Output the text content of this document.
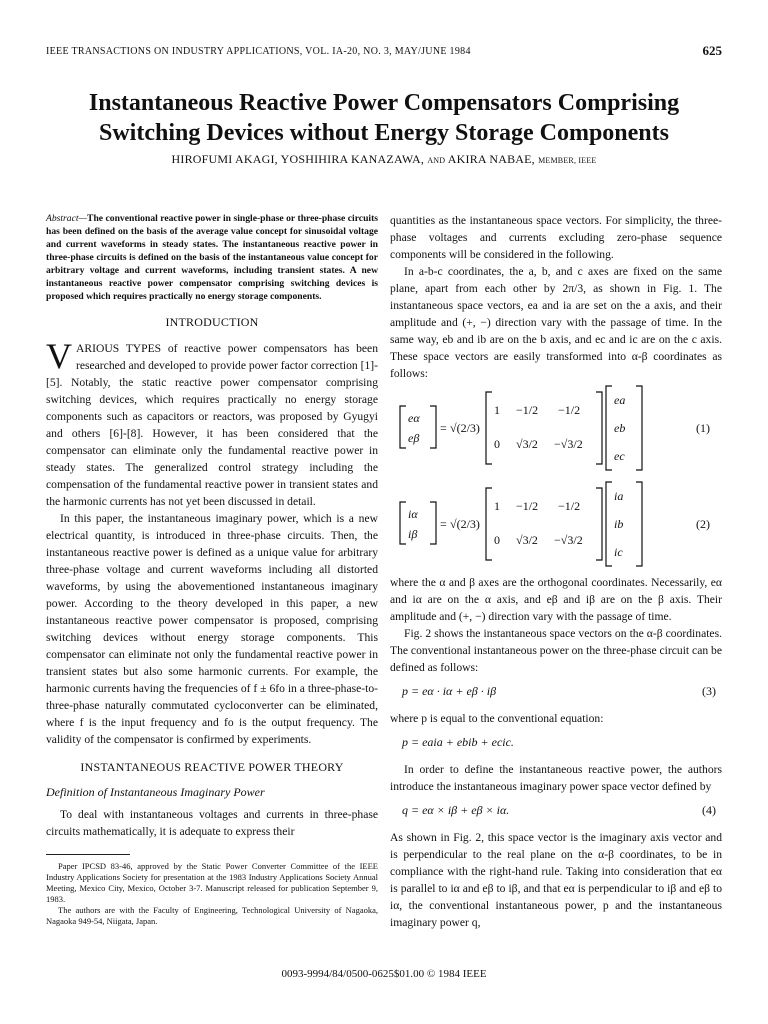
IEEE TRANSACTIONS ON INDUSTRY APPLICATIONS, VOL. IA-20, NO. 3, MAY/JUNE 1984	625
Instantaneous Reactive Power Compensators Comprising
Switching Devices without Energy Storage Components
HIROFUMI AKAGI, YOSHIHIRA KANAZAWA, AND AKIRA NABAE, MEMBER, IEEE

Abstract—The conventional reactive power in single-phase or three-phase circuits has been defined on the basis of the average value concept for sinusoidal voltage and current waveforms in steady states. The instantaneous reactive power in three-phase circuits is defined on the basis of the instantaneous value concept for arbitrary voltage and current waveforms, including transient states. A new instantaneous reactive power compensator comprising switching devices is proposed which requires practically no energy storage components.

INTRODUCTION

VARIOUS TYPES of reactive power compensators has been researched and developed to provide power factor correction [1]-[5]. Notably, the static reactive power compensator comprising switching devices, which requires practically no energy storage components such as capacitors or reactors, was proposed by Gyugyi and others [6]-[8]. However, it has been considered that the compensator can eliminate only the fundamental reactive power in steady states. The generalized control strategy including the compensation of the fundamental reactive power in transient states and the harmonic currents has not yet been discussed in detail.

In this paper, the instantaneous imaginary power, which is a new electrical quantity, is introduced in three-phase circuits. Then, the instantaneous reactive power is defined as a unique value for arbitrary three-phase voltage and current waveforms including all distorted waveforms, by using the abovementioned instantaneous imaginary power. According to the theory developed in this paper, a new instantaneous reactive power compensator is proposed, comprising switching devices without energy storage components. This compensator can eliminate not only the fundamental reactive power in transient states but also some harmonic currents. For example, the harmonic currents having the frequencies of f ± 6fo in a three-phase-to-three-phase naturally commutated cycloconverter can be eliminated, where f is the input frequency and fo is the output frequency. The validity of the compensator is confirmed by experiments.

INSTANTANEOUS REACTIVE POWER THEORY
Definition of Instantaneous Imaginary Power

To deal with instantaneous voltages and currents in three-phase circuits mathematically, it is adequate to express their

Paper IPCSD 83-46, approved by the Static Power Converter Committee of the IEEE Industry Applications Society for presentation at the 1983 Industry Applications Society Annual Meeting, Mexico City, Mexico, October 3-7. Manuscript released for publication September 9, 1983.

The authors are with the Faculty of Engineering, Technological University of Nagaoka, Nagaoka 949-54, Niigata, Japan.

quantities as the instantaneous space vectors. For simplicity, the three-phase voltages and currents excluding zero-phase sequence components will be considered in the following.

In a-b-c coordinates, the a, b, and c axes are fixed on the same plane, apart from each other by 2π/3, as shown in Fig. 1. The instantaneous space vectors, ea and ia are set on the a axis, and their amplitude and (+, −) direction vary with the passage of time. In the same way, eb and ib are on the b axis, and ec and ic are on the c axis. These space vectors are easily transformed into α-β coordinates as follows:

eα
eβ
= √(2/3)
1 −1/2 −1/2
0 √3/2 −√3/2
ea
eb
ec
(1)
iα
iβ
= √(2/3)
1 −1/2 −1/2
0 √3/2 −√3/2
ia
ib
ic
(2)

where the α and β axes are the orthogonal coordinates. Necessarily, eα and iα are on the α axis, and eβ and iβ are on the β axis. Their amplitude and (+, −) direction vary with the passage of time.

Fig. 2 shows the instantaneous space vectors on the α-β coordinates. The conventional instantaneous power on the three-phase circuit can be defined as follows:

p = eα · iα + eβ · iβ	(3)

where p is equal to the conventional equation:

p = eaia + ebib + ecic.

In order to define the instantaneous reactive power, the authors introduce the instantaneous imaginary power space vector defined by

q = eα × iβ + eβ × iα.	(4)

As shown in Fig. 2, this space vector is the imaginary axis vector and is perpendicular to the real plane on the α-β coordinates, to be in compliance with the right-hand rule. Taking into consideration that eα is parallel to iα and eβ to iβ, and that eα is perpendicular to iβ and eβ to iα, the conventional instantaneous power, p and the instantaneous imaginary power q,

0093-9994/84/0500-0625$01.00 © 1984 IEEE
